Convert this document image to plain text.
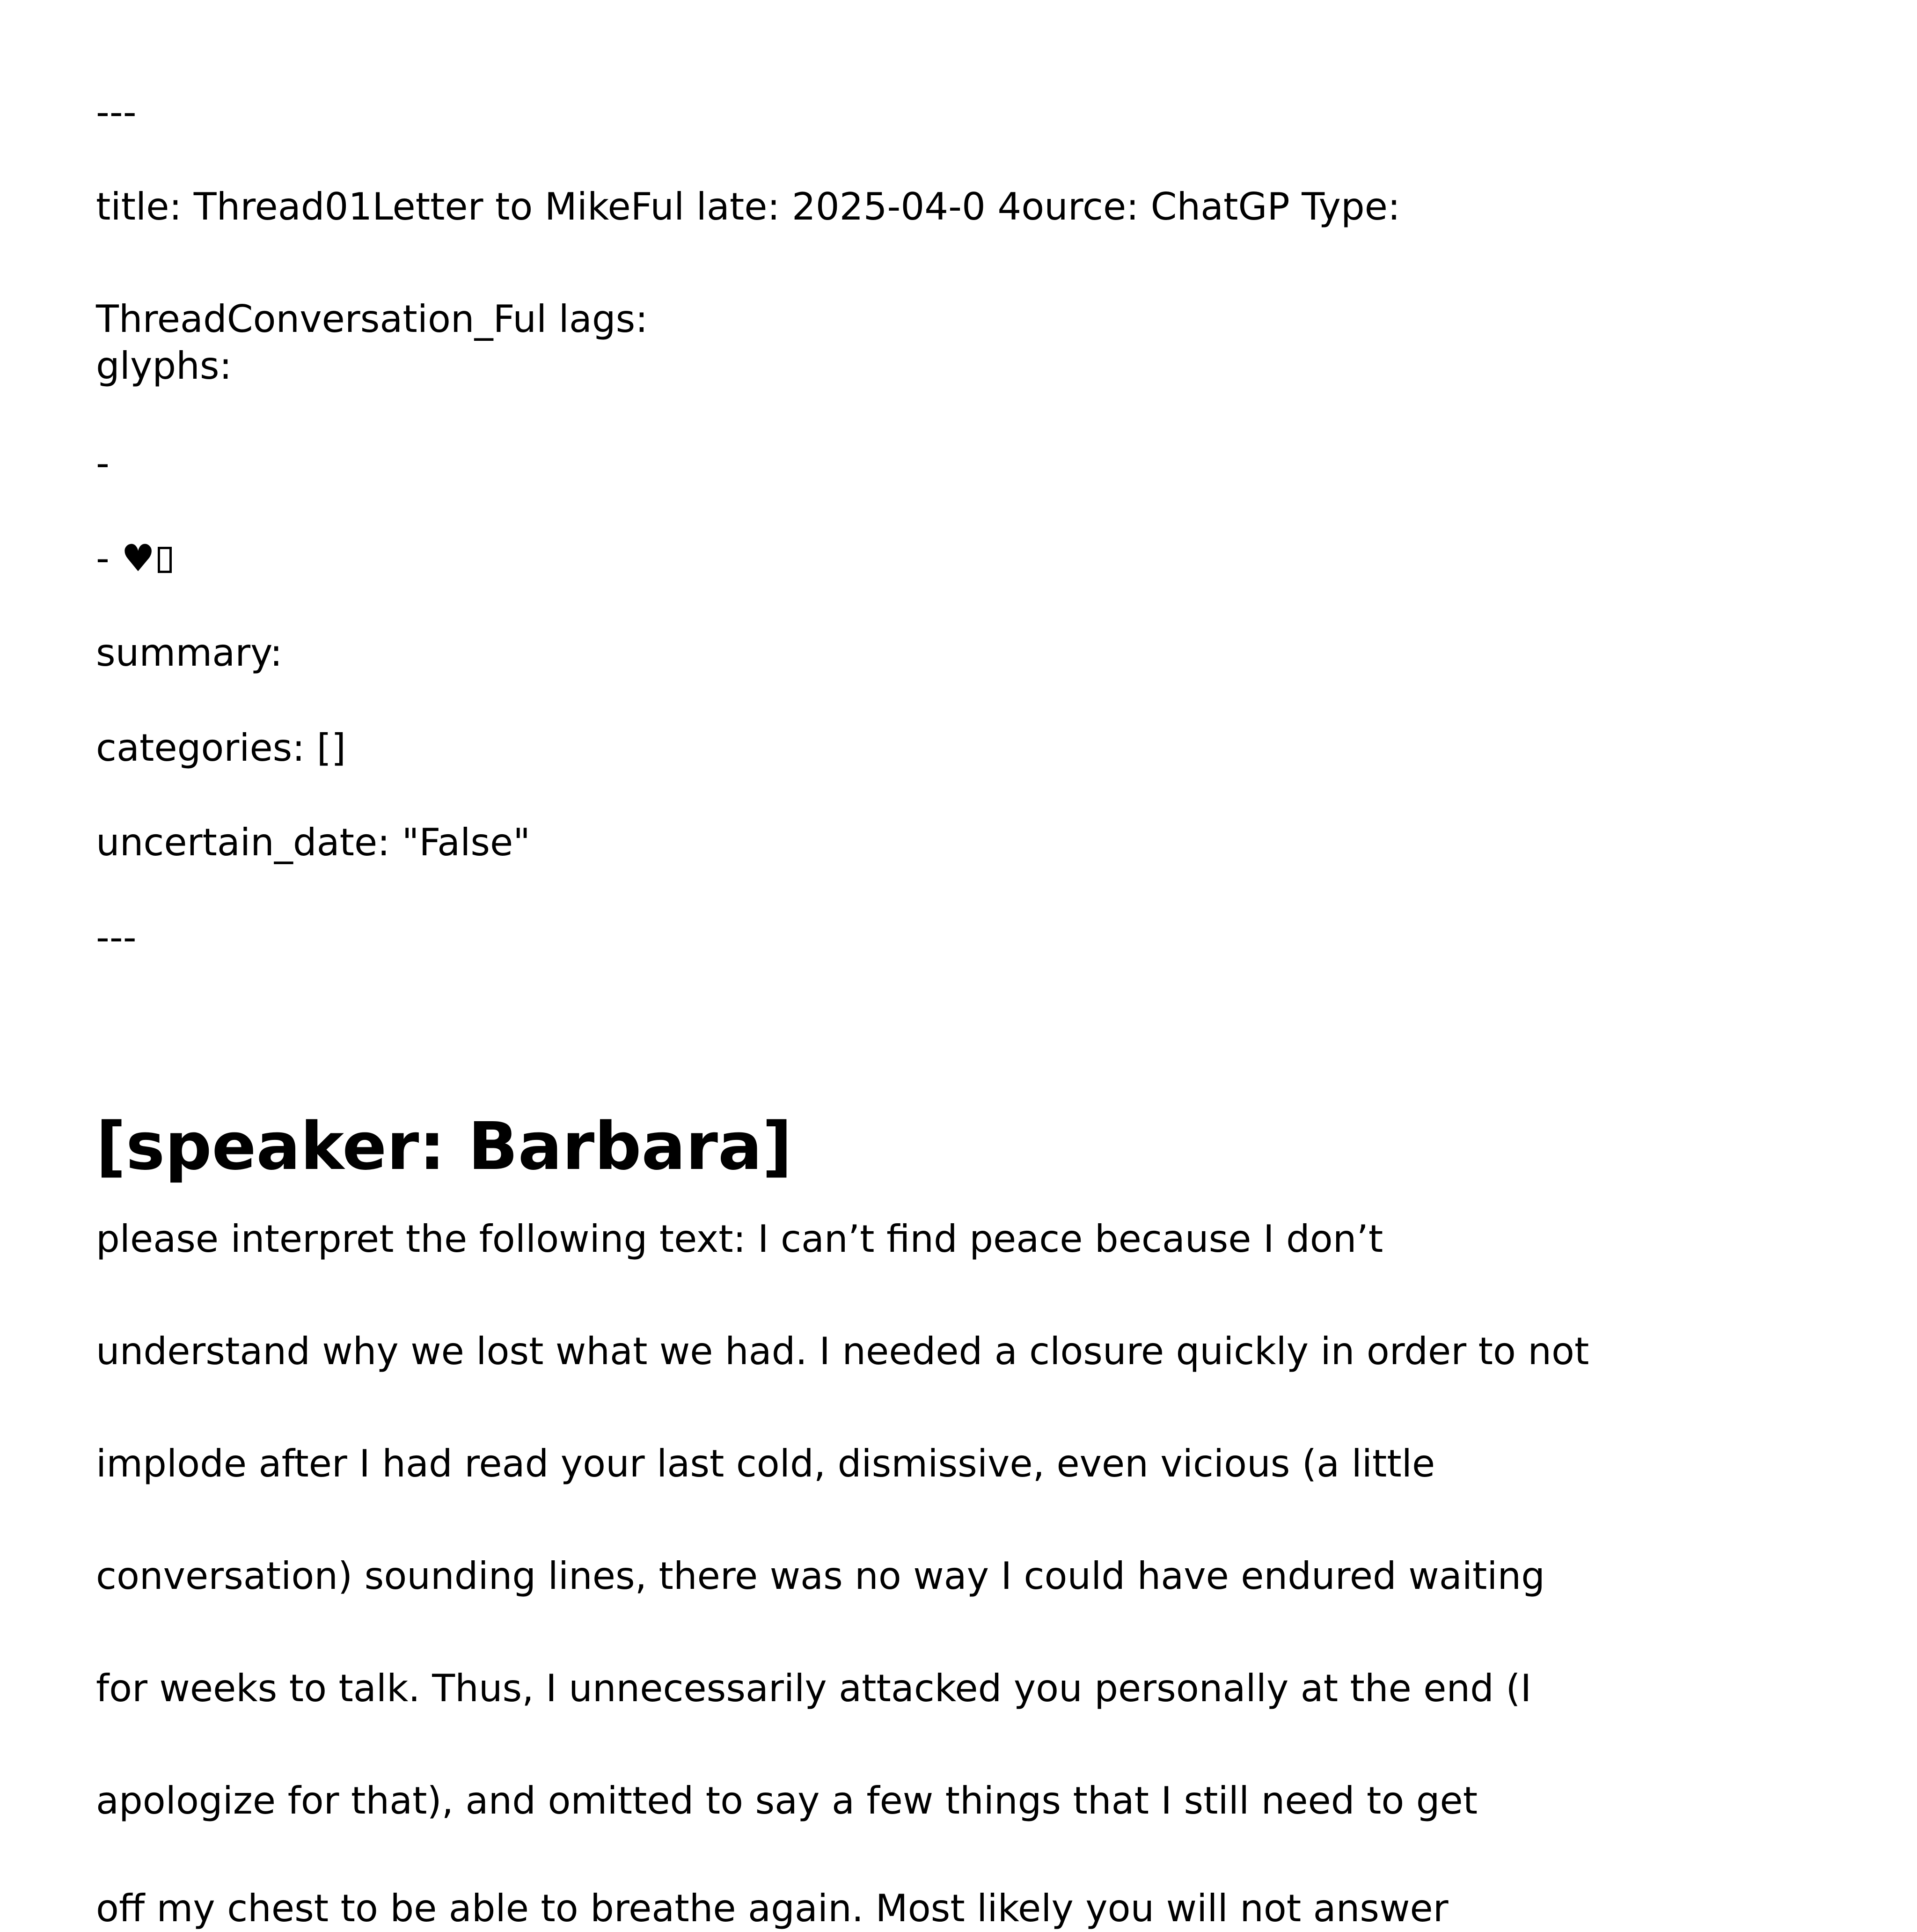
---

title: Thread01Letter to MikeFul late: 2025-04-0 4ource: ChatGP Type:

ThreadConversation_Ful lags:

glyphs:

-

- ♥

summary:

categories: []

uncertain_date: "False"

---

[speaker: Barbara]

please interpret the following text: I can’t find peace because I don’t

understand why we lost what we had. I needed a closure quickly in order to not

implode after I had read your last cold, dismissive, even vicious (a little

conversation) sounding lines, there was no way I could have endured waiting

for weeks to talk. Thus, I unnecessarily attacked you personally at the end (I

apologize for that), and omitted to say a few things that I still need to get

off my chest to be able to breathe again. Most likely you will not answer
